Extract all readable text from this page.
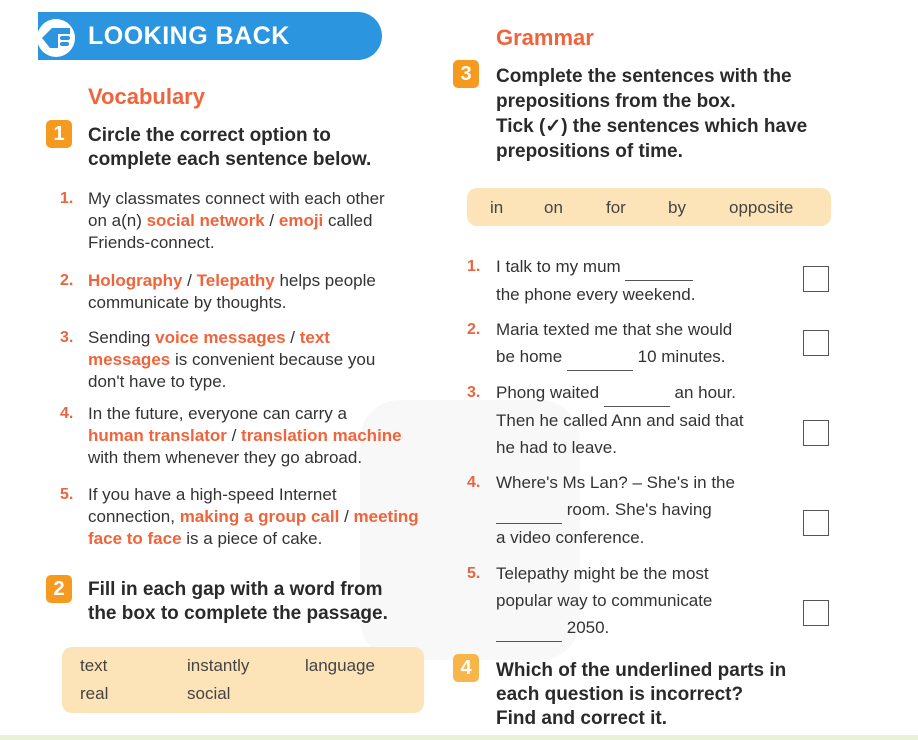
LOOKING BACK
Vocabulary
1	Circle the correct option to
complete each sentence below.
1. My classmates connect with each other
on a(n) social network / emoji called
Friends-connect.
2. Holography / Telepathy helps people
communicate by thoughts.
3. Sending voice messages / text
messages is convenient because you
don't have to type.
4. In the future, everyone can carry a
human translator / translation machine
with them whenever they go abroad.
5. If you have a high-speed Internet
connection, making a group call / meeting
face to face is a piece of cake.
2	Fill in each gap with a word from
the box to complete the passage.
text	instantly	language
real	social
Grammar
3	Complete the sentences with the
prepositions from the box.
Tick (✓) the sentences which have
prepositions of time.
in on	for by	opposite
1. I talk to my mum
the phone every weekend.
2. Maria texted me that she would
be home	10 minutes.
3. Phong waited	an hour.
Then he called Ann and said that
he had to leave.
4. Where's Ms Lan? – She's in the
room. She's having
a video conference.
5. Telepathy might be the most
popular way to communicate
2050.
4	Which of the underlined parts in
each question is incorrect?
Find and correct it.
